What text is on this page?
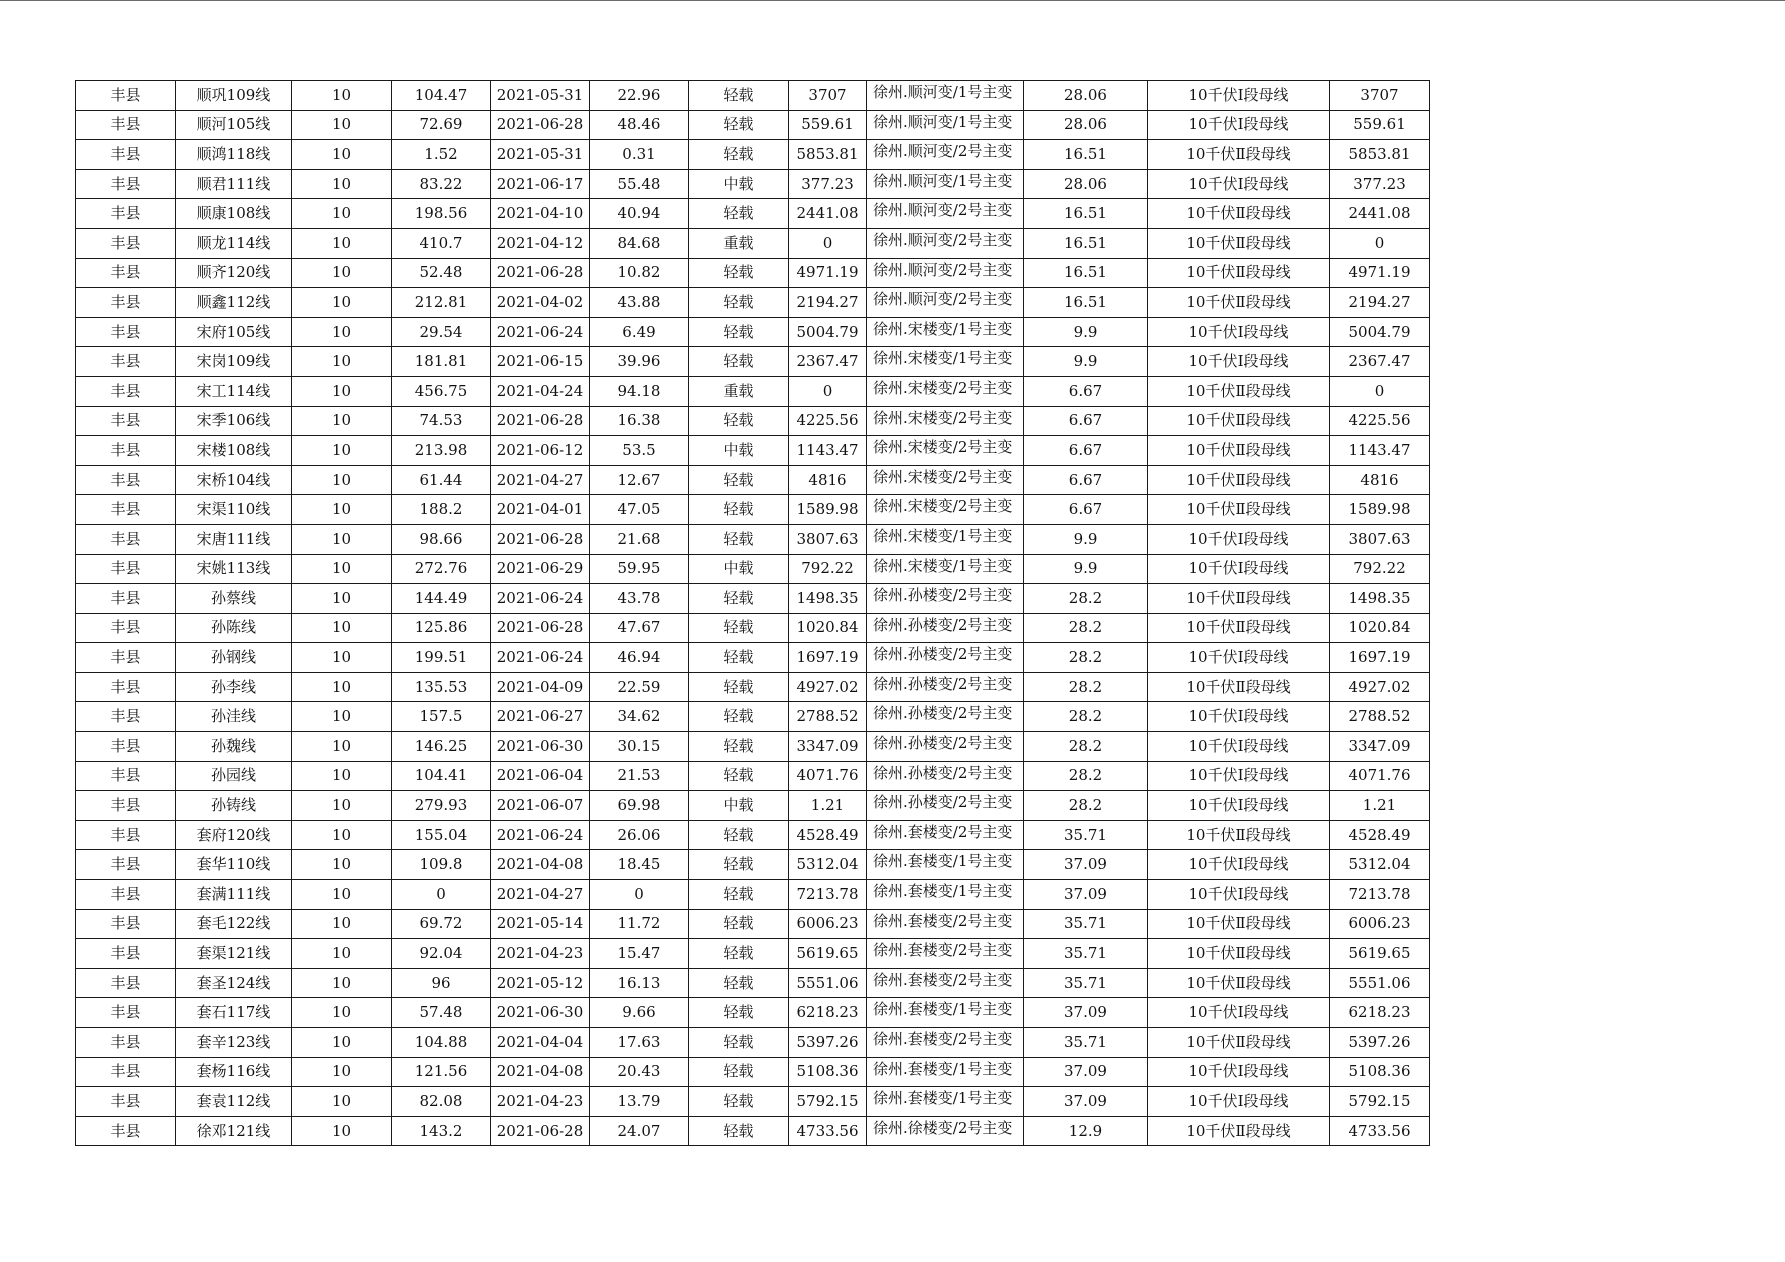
丰县	顺巩109线	10	104.47	2021-05-31	22.96	轻载	3707	徐州.顺河变/1号主变	28.06	10千伏Ⅰ段母线	3707
丰县	顺河105线	10	72.69	2021-06-28	48.46	轻载	559.61	徐州.顺河变/1号主变	28.06	10千伏Ⅰ段母线	559.61
丰县	顺鸿118线	10	1.52	2021-05-31	0.31	轻载	5853.81	徐州.顺河变/2号主变	16.51	10千伏Ⅱ段母线	5853.81
丰县	顺君111线	10	83.22	2021-06-17	55.48	中载	377.23	徐州.顺河变/1号主变	28.06	10千伏Ⅰ段母线	377.23
丰县	顺康108线	10	198.56	2021-04-10	40.94	轻载	2441.08	徐州.顺河变/2号主变	16.51	10千伏Ⅱ段母线	2441.08
丰县	顺龙114线	10	410.7	2021-04-12	84.68	重载	0	徐州.顺河变/2号主变	16.51	10千伏Ⅱ段母线	0
丰县	顺齐120线	10	52.48	2021-06-28	10.82	轻载	4971.19	徐州.顺河变/2号主变	16.51	10千伏Ⅱ段母线	4971.19
丰县	顺鑫112线	10	212.81	2021-04-02	43.88	轻载	2194.27	徐州.顺河变/2号主变	16.51	10千伏Ⅱ段母线	2194.27
丰县	宋府105线	10	29.54	2021-06-24	6.49	轻载	5004.79	徐州.宋楼变/1号主变	9.9	10千伏Ⅰ段母线	5004.79
丰县	宋岗109线	10	181.81	2021-06-15	39.96	轻载	2367.47	徐州.宋楼变/1号主变	9.9	10千伏Ⅰ段母线	2367.47
丰县	宋工114线	10	456.75	2021-04-24	94.18	重载	0	徐州.宋楼变/2号主变	6.67	10千伏Ⅱ段母线	0
丰县	宋季106线	10	74.53	2021-06-28	16.38	轻载	4225.56	徐州.宋楼变/2号主变	6.67	10千伏Ⅱ段母线	4225.56
丰县	宋楼108线	10	213.98	2021-06-12	53.5	中载	1143.47	徐州.宋楼变/2号主变	6.67	10千伏Ⅱ段母线	1143.47
丰县	宋桥104线	10	61.44	2021-04-27	12.67	轻载	4816	徐州.宋楼变/2号主变	6.67	10千伏Ⅱ段母线	4816
丰县	宋渠110线	10	188.2	2021-04-01	47.05	轻载	1589.98	徐州.宋楼变/2号主变	6.67	10千伏Ⅱ段母线	1589.98
丰县	宋唐111线	10	98.66	2021-06-28	21.68	轻载	3807.63	徐州.宋楼变/1号主变	9.9	10千伏Ⅰ段母线	3807.63
丰县	宋姚113线	10	272.76	2021-06-29	59.95	中载	792.22	徐州.宋楼变/1号主变	9.9	10千伏Ⅰ段母线	792.22
丰县	孙蔡线	10	144.49	2021-06-24	43.78	轻载	1498.35	徐州.孙楼变/2号主变	28.2	10千伏Ⅱ段母线	1498.35
丰县	孙陈线	10	125.86	2021-06-28	47.67	轻载	1020.84	徐州.孙楼变/2号主变	28.2	10千伏Ⅱ段母线	1020.84
丰县	孙钢线	10	199.51	2021-06-24	46.94	轻载	1697.19	徐州.孙楼变/2号主变	28.2	10千伏Ⅰ段母线	1697.19
丰县	孙李线	10	135.53	2021-04-09	22.59	轻载	4927.02	徐州.孙楼变/2号主变	28.2	10千伏Ⅱ段母线	4927.02
丰县	孙洼线	10	157.5	2021-06-27	34.62	轻载	2788.52	徐州.孙楼变/2号主变	28.2	10千伏Ⅰ段母线	2788.52
丰县	孙魏线	10	146.25	2021-06-30	30.15	轻载	3347.09	徐州.孙楼变/2号主变	28.2	10千伏Ⅰ段母线	3347.09
丰县	孙园线	10	104.41	2021-06-04	21.53	轻载	4071.76	徐州.孙楼变/2号主变	28.2	10千伏Ⅰ段母线	4071.76
丰县	孙铸线	10	279.93	2021-06-07	69.98	中载	1.21	徐州.孙楼变/2号主变	28.2	10千伏Ⅰ段母线	1.21
丰县	套府120线	10	155.04	2021-06-24	26.06	轻载	4528.49	徐州.套楼变/2号主变	35.71	10千伏Ⅱ段母线	4528.49
丰县	套华110线	10	109.8	2021-04-08	18.45	轻载	5312.04	徐州.套楼变/1号主变	37.09	10千伏Ⅰ段母线	5312.04
丰县	套满111线	10	0	2021-04-27	0	轻载	7213.78	徐州.套楼变/1号主变	37.09	10千伏Ⅰ段母线	7213.78
丰县	套毛122线	10	69.72	2021-05-14	11.72	轻载	6006.23	徐州.套楼变/2号主变	35.71	10千伏Ⅱ段母线	6006.23
丰县	套渠121线	10	92.04	2021-04-23	15.47	轻载	5619.65	徐州.套楼变/2号主变	35.71	10千伏Ⅱ段母线	5619.65
丰县	套圣124线	10	96	2021-05-12	16.13	轻载	5551.06	徐州.套楼变/2号主变	35.71	10千伏Ⅱ段母线	5551.06
丰县	套石117线	10	57.48	2021-06-30	9.66	轻载	6218.23	徐州.套楼变/1号主变	37.09	10千伏Ⅰ段母线	6218.23
丰县	套辛123线	10	104.88	2021-04-04	17.63	轻载	5397.26	徐州.套楼变/2号主变	35.71	10千伏Ⅱ段母线	5397.26
丰县	套杨116线	10	121.56	2021-04-08	20.43	轻载	5108.36	徐州.套楼变/1号主变	37.09	10千伏Ⅰ段母线	5108.36
丰县	套袁112线	10	82.08	2021-04-23	13.79	轻载	5792.15	徐州.套楼变/1号主变	37.09	10千伏Ⅰ段母线	5792.15
丰县	徐邓121线	10	143.2	2021-06-28	24.07	轻载	4733.56	徐州.徐楼变/2号主变	12.9	10千伏Ⅱ段母线	4733.56
